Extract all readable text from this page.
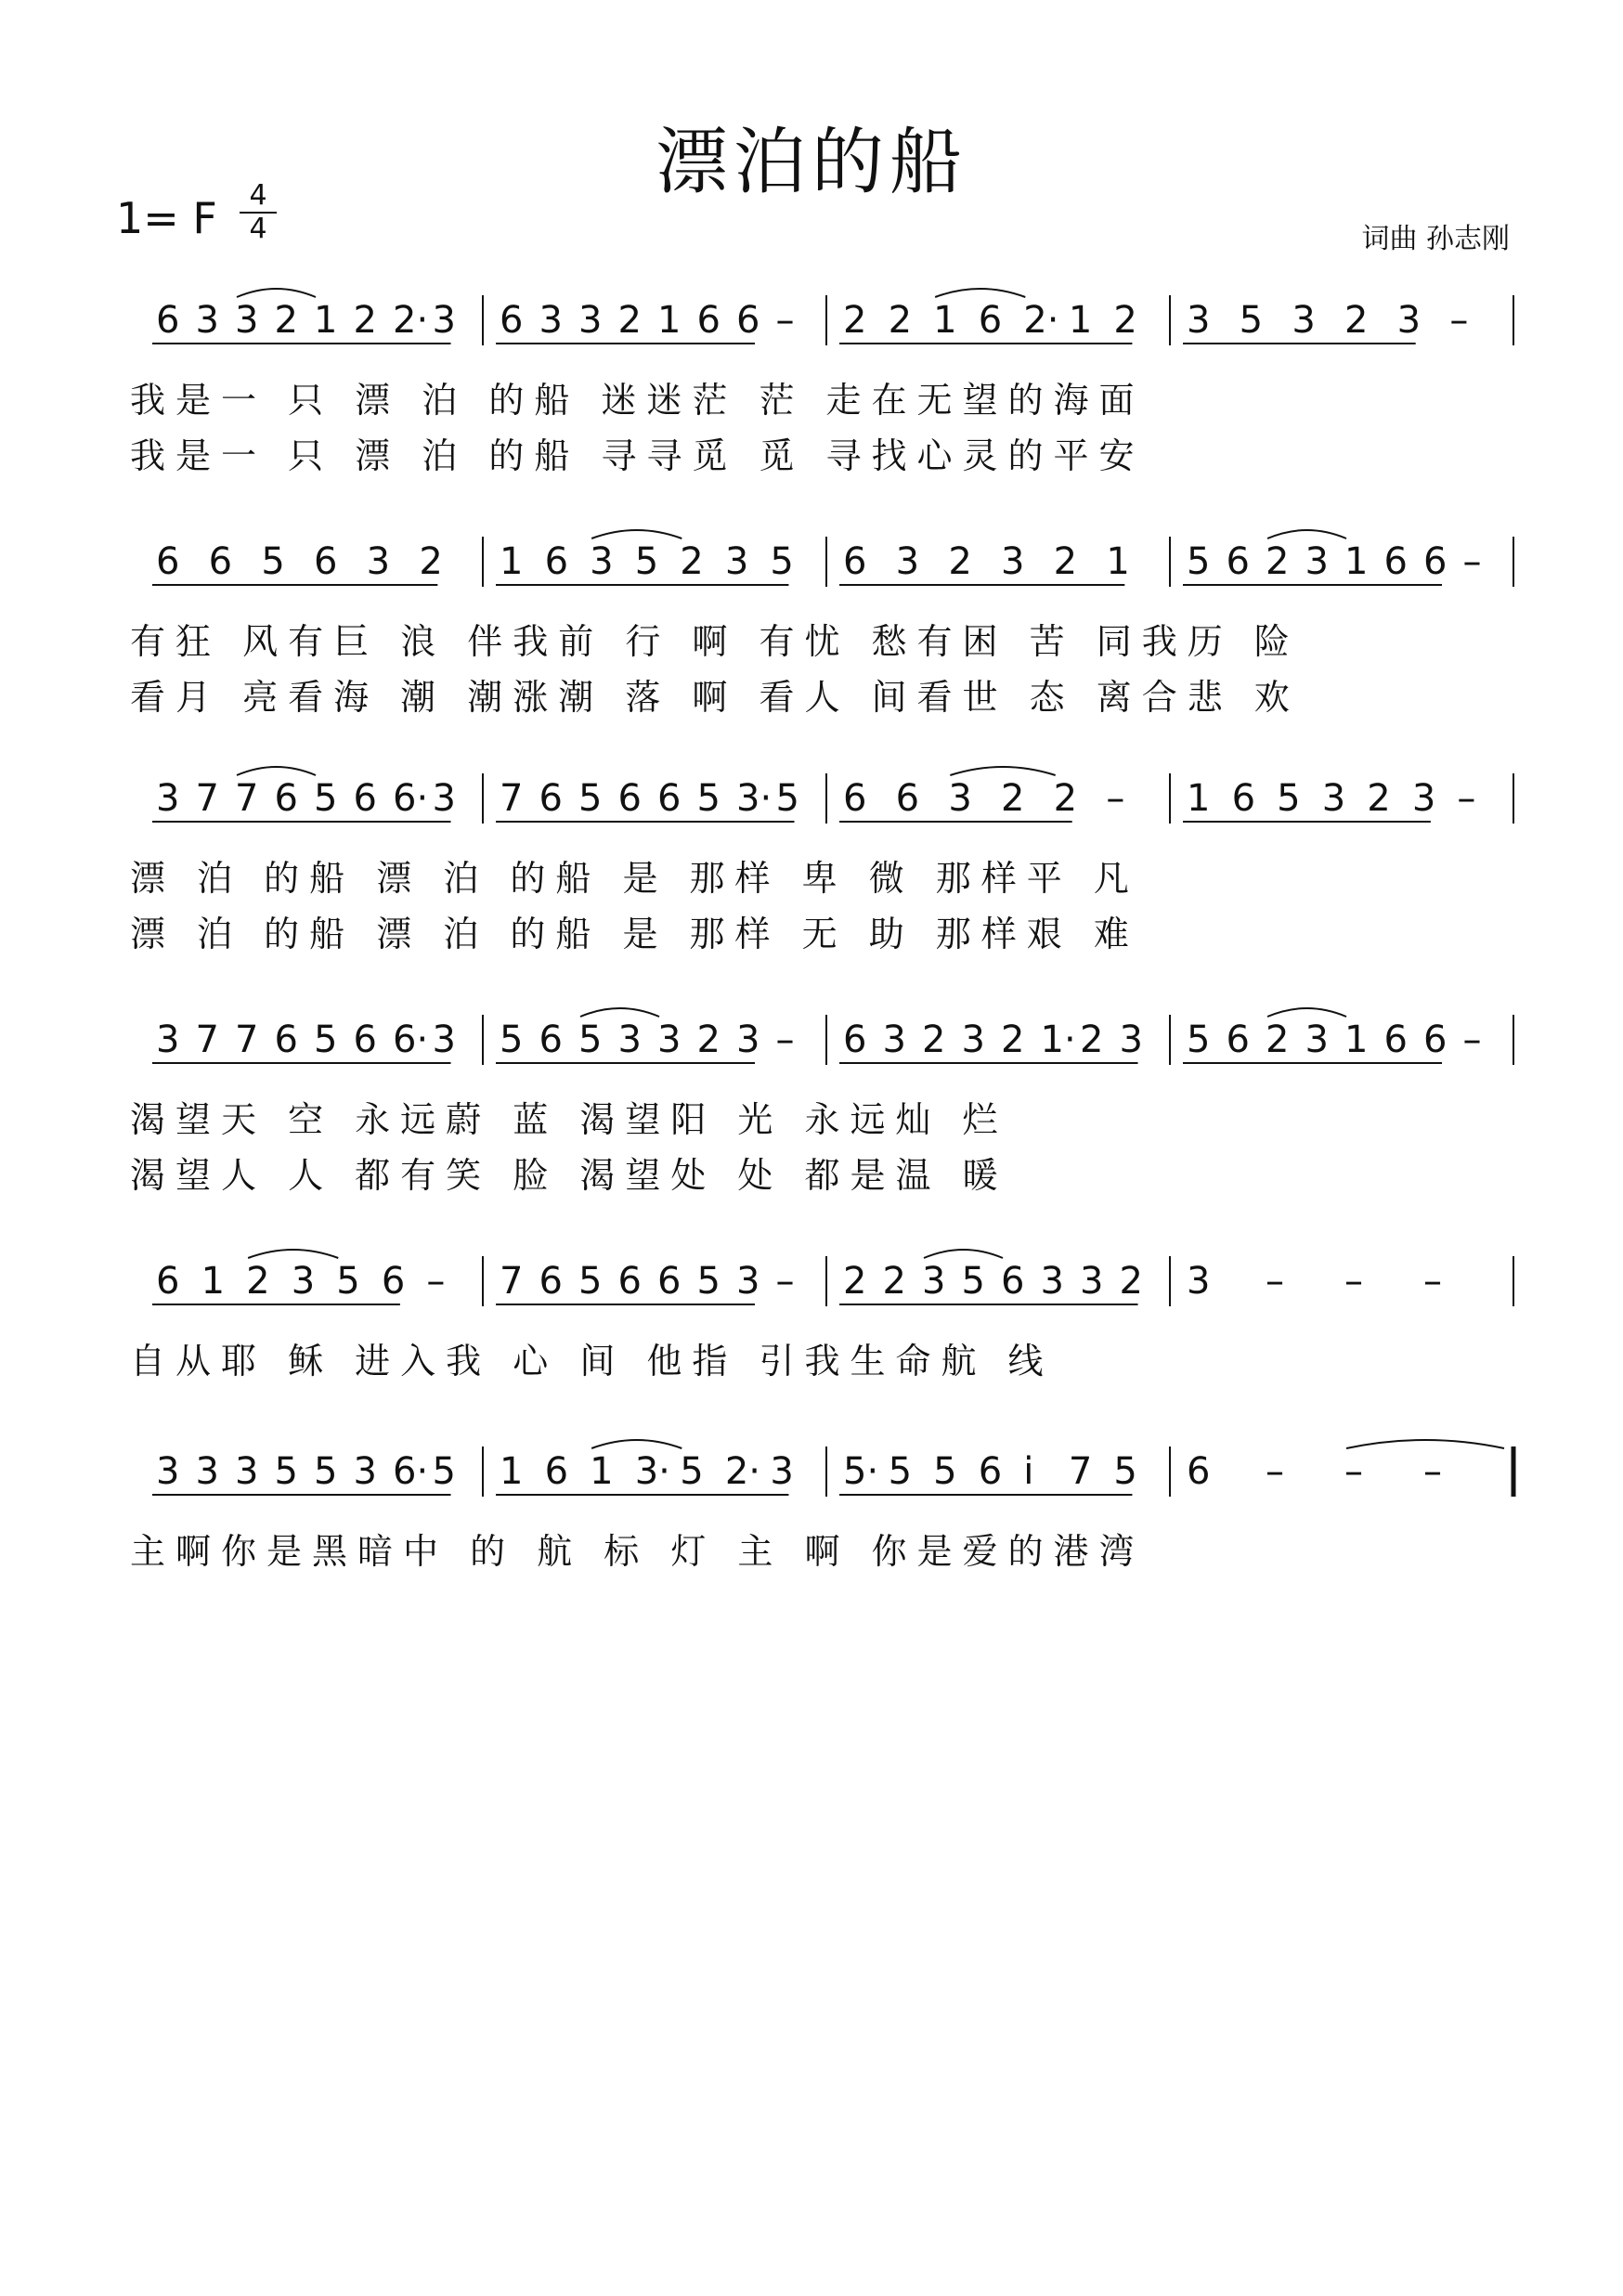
漂泊的船
1= F	4
4	词曲 孙志刚
6 3 3 2 1 2 2· 3 6 3 3 2 1 6 6 – 2 2 1 6 2· 1 2 3 5 3 2 3 –
我是一 只 漂 泊 的船 迷迷茫 茫 走在无望的海面
我是一 只 漂 泊 的船 寻寻觅 觅 寻找心灵的平安
6 6 5 6 3 2 1 6 3 5 2 3 5 6 3 2 3 2 1 5 6 2 3 1 6 6 –
有狂 风有巨 浪 伴我前 行 啊 有忧 愁有困 苦 同我历 险
看月 亮看海 潮 潮涨潮 落 啊 看人 间看世 态 离合悲 欢
3 7 7 6 5 6 6· 3 7 6 5 6 6 5 3· 5 6 6 3 2 2 – 1 6 5 3 2 3 –
漂 泊 的船 漂 泊 的船 是 那样 卑 微 那样平 凡
漂 泊 的船 漂 泊 的船 是 那样 无 助 那样艰 难
3 7 7 6 5 6 6· 3 5 6 5 3 3 2 3 – 6 3 2 3 2 1· 2 3 5 6 2 3 1 6 6 –
渴望天 空 永远蔚 蓝 渴望阳 光 永远灿 烂
渴望人 人 都有笑 脸 渴望处 处 都是温 暖
6 1 2 3 5 6 – 7 6 5 6 6 5 3 – 2 2 3 5 6 3 3 2 3 – – –
自从耶 稣 进入我 心 间 他指 引我生命航 线
3 3 3 5 5 3 6· 5 1 6 1 3· 5 2· 3 5· 5 5 6 i 7 5 6 – – –
主啊你是黑暗中 的 航 标 灯 主 啊 你是爱的港湾
